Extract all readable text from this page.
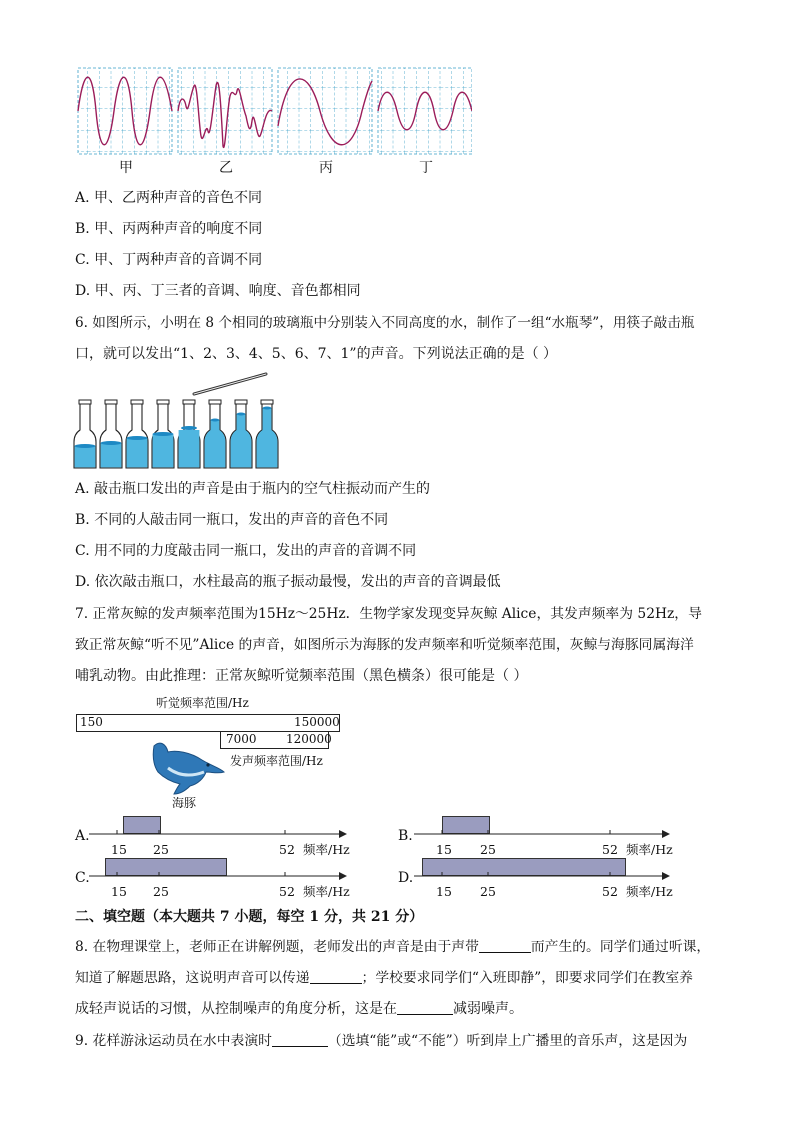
甲	乙	丙	丁
A. 甲、乙两种声音的音色不同
B. 甲、丙两种声音的响度不同
C. 甲、丁两种声音的音调不同
D. 甲、丙、丁三者的音调、响度、音色都相同
6. 如图所示，小明在 8 个相同的玻璃瓶中分别装入不同高度的水，制作了一组“水瓶琴”，用筷子敲击瓶
口，就可以发出“1、2、3、4、5、6、7、1”的声音。下列说法正确的是（ ）
A. 敲击瓶口发出的声音是由于瓶内的空气柱振动而产生的
B. 不同的人敲击同一瓶口，发出的声音的音色不同
C. 用不同的力度敲击同一瓶口，发出的声音的音调不同
D. 依次敲击瓶口，水柱最高的瓶子振动最慢，发出的声音的音调最低
7. 正常灰鲸的发声频率范围为15Hz～25Hz．生物学家发现变异灰鲸 Alice，其发声频率为 52Hz，导
致正常灰鲸“听不见”Alice 的声音，如图所示为海豚的发声频率和听觉频率范围，灰鲸与海豚同属海洋
哺乳动物。由此推理：正常灰鲸听觉频率范围（黑色横条）很可能是（ ）
听觉频率范围/Hz
150	150000
7000 120000
发声频率范围/Hz
海豚
A.
15 25	52 频率/Hz
B.
15 25	52 频率/Hz
C.
15 25	52 频率/Hz
D.
15 25	52 频率/Hz
二、填空题（本大题共 7 小题，每空 1 分，共 21 分）
8. 在物理课堂上，老师正在讲解例题，老师发出的声音是由于声带	而产生的。同学们通过听课，
知道了解题思路，这说明声音可以传递	；学校要求同学们“入班即静”，即要求同学们在教室养
成轻声说话的习惯，从控制噪声的角度分析，这是在	减弱噪声。
9. 花样游泳运动员在水中表演时	（选填“能”或“不能”）听到岸上广播里的音乐声，这是因为
